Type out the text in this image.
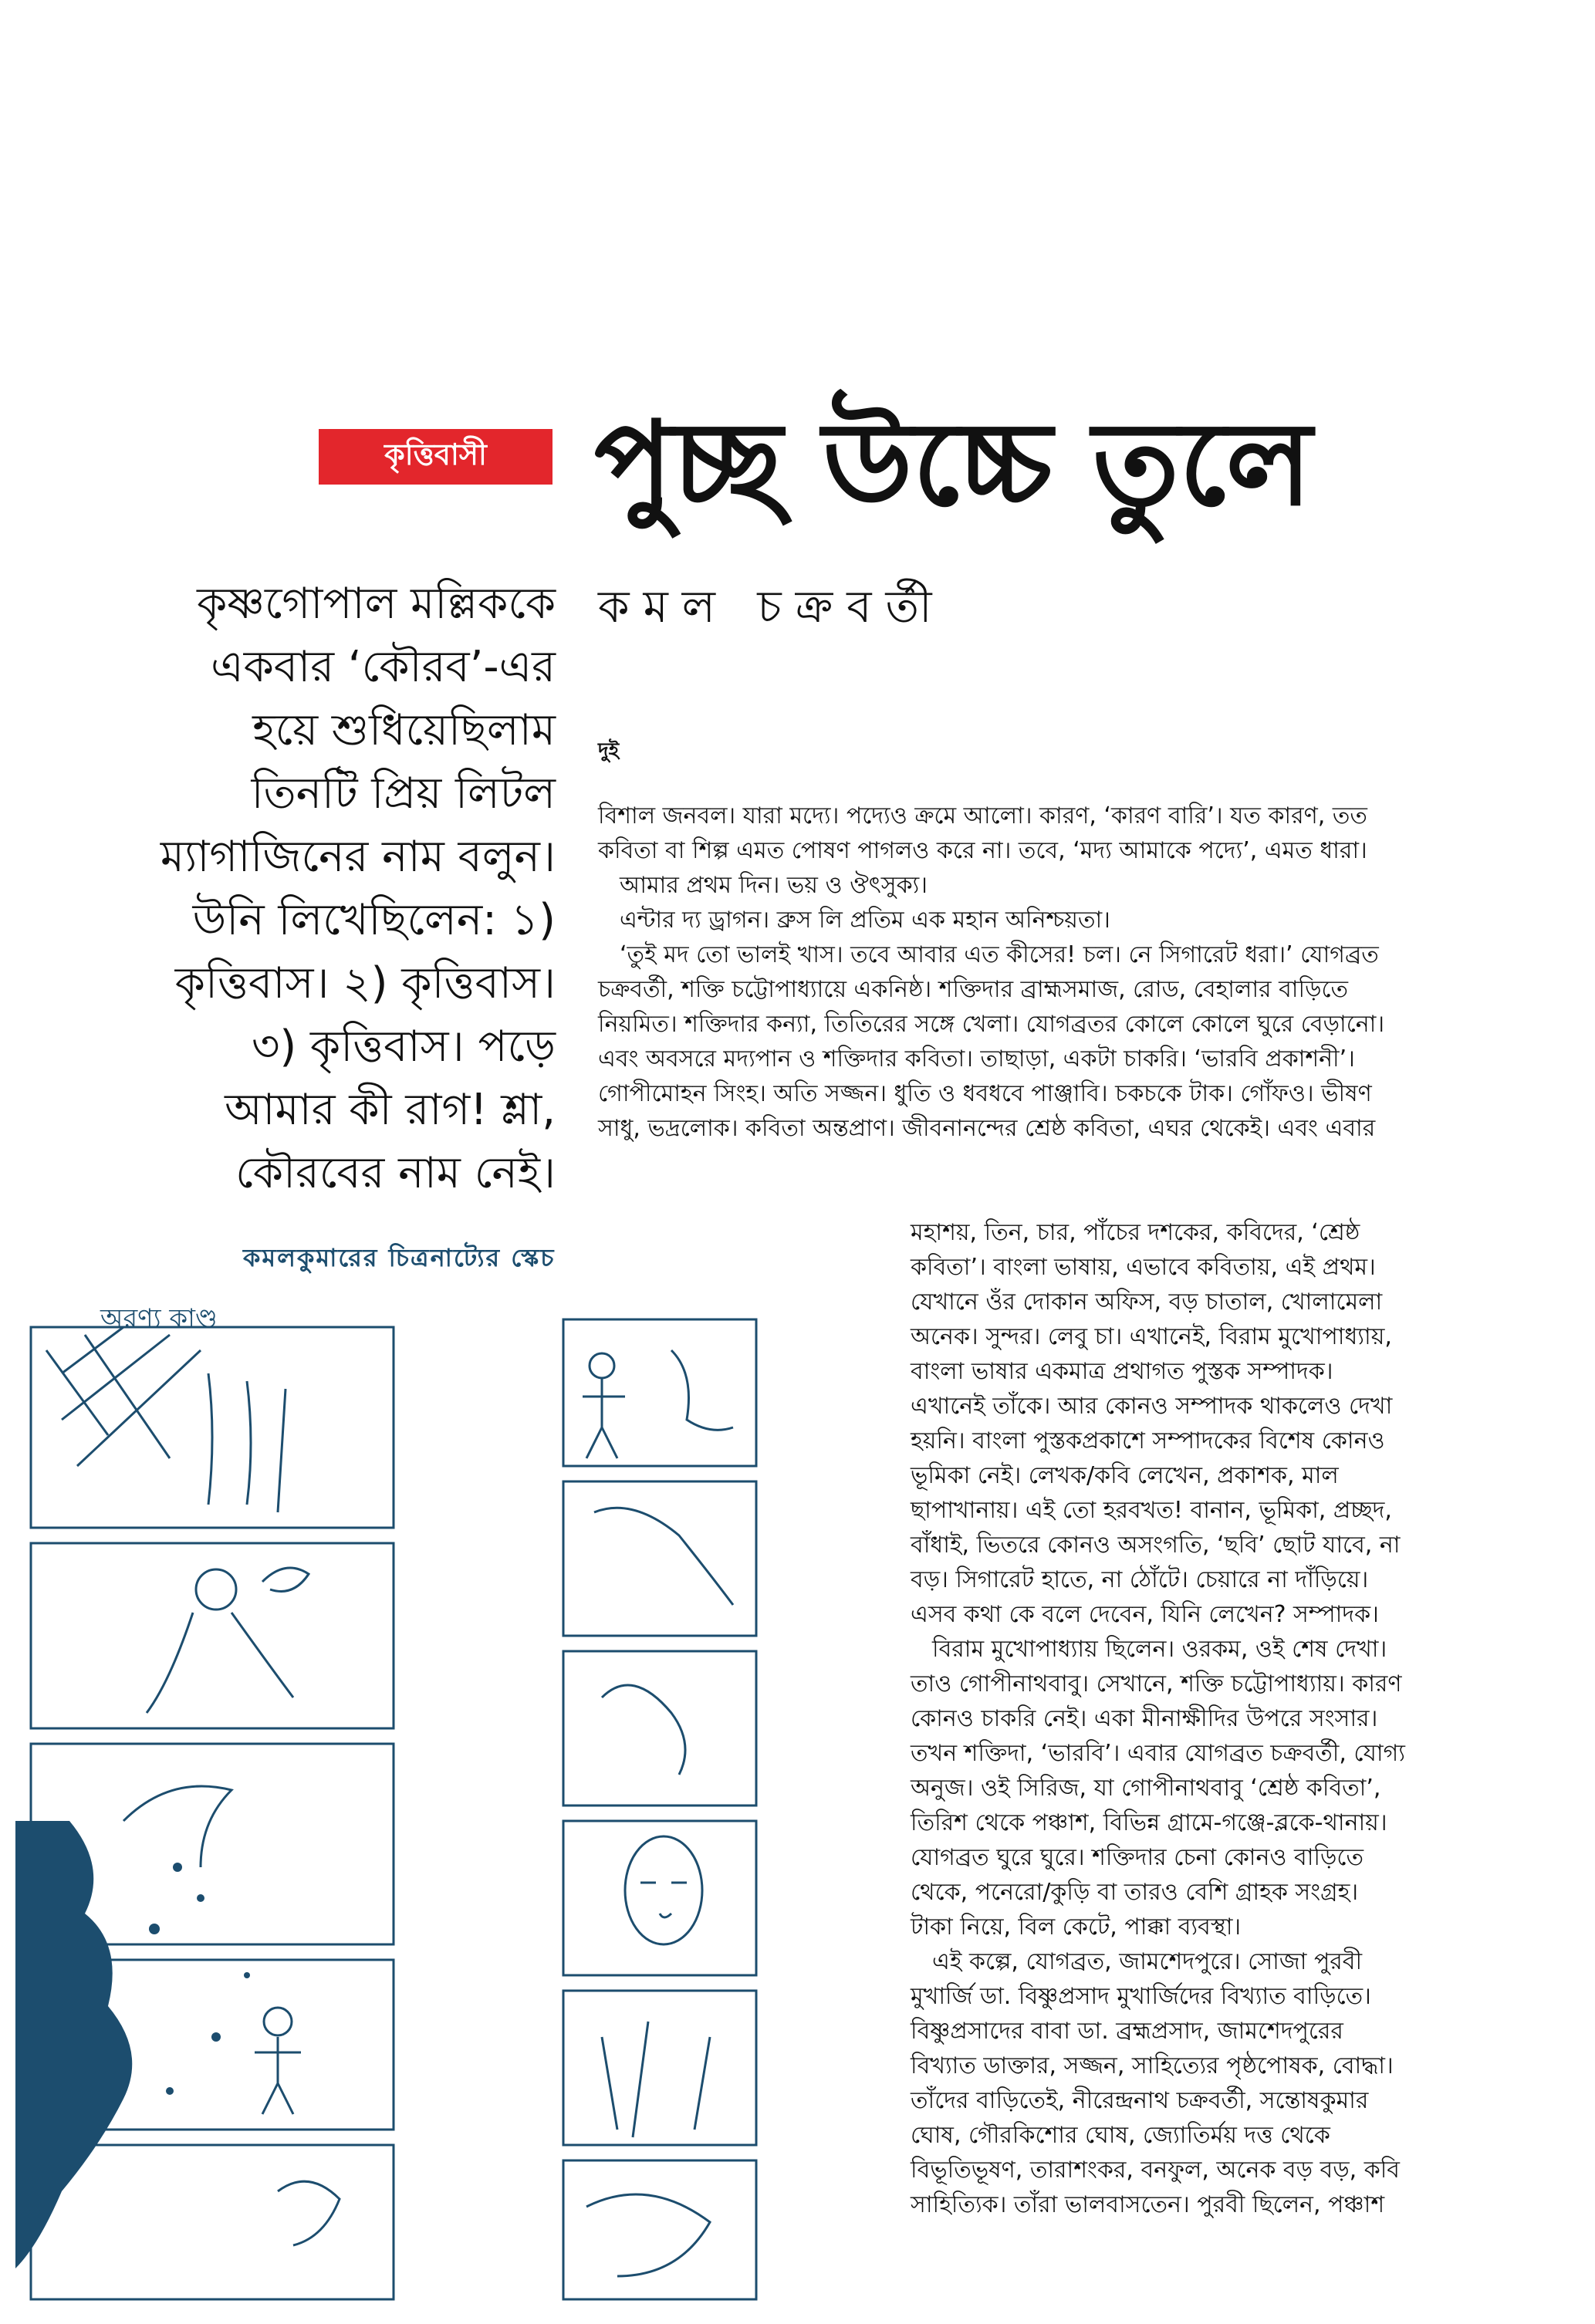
কৃত্তিবাসী পুচ্ছ উচ্চে তুলে
কমল চক্রবর্তী

কৃষ্ণগোপাল মল্লিককে

একবার ‘কৌরব’-এর

হয়ে শুধিয়েছিলাম

তিনটি প্রিয় লিটল

ম্যাগাজিনের নাম বলুন।

উনি লিখেছিলেন: ১)

কৃত্তিবাস। ২) কৃত্তিবাস।

৩) কৃত্তিবাস। পড়ে

আমার কী রাগ! শ্লা,

কৌরবের নাম নেই।

দুই

বিশাল জনবল। যারা মদ্যে। পদ্যেও ক্রমে আলো। কারণ, ‘কারণ বারি’। যত কারণ, তত

কবিতা বা শিল্প এমত পোষণ পাগলও করে না। তবে, ‘মদ্য আমাকে পদ্যে’, এমত ধারা।

আমার প্রথম দিন। ভয় ও ঔৎসুক্য।

এন্টার দ্য ড্রাগন। ব্রুস লি প্রতিম এক মহান অনিশ্চয়তা।

‘তুই মদ তো ভালই খাস। তবে আবার এত কীসের! চল। নে সিগারেট ধরা।’ যোগব্রত

চক্রবর্তী, শক্তি চট্টোপাধ্যায়ে একনিষ্ঠ। শক্তিদার ব্রাহ্মসমাজ, রোড, বেহালার বাড়িতে

নিয়মিত। শক্তিদার কন্যা, তিতিরের সঙ্গে খেলা। যোগব্রতর কোলে কোলে ঘুরে বেড়ানো।

এবং অবসরে মদ্যপান ও শক্তিদার কবিতা। তাছাড়া, একটা চাকরি। ‘ভারবি প্রকাশনী’।

গোপীমোহন সিংহ। অতি সজ্জন। ধুতি ও ধবধবে পাঞ্জাবি। চকচকে টাক। গোঁফও। ভীষণ

সাধু, ভদ্রলোক। কবিতা অন্তপ্রাণ। জীবনানন্দের শ্রেষ্ঠ কবিতা, এঘর থেকেই। এবং এবার

মহাশয়, তিন, চার, পাঁচের দশকের, কবিদের, ‘শ্রেষ্ঠ

কবিতা’। বাংলা ভাষায়, এভাবে কবিতায়, এই প্রথম।

যেখানে ওঁর দোকান অফিস, বড় চাতাল, খোলামেলা

অনেক। সুন্দর। লেবু চা। এখানেই, বিরাম মুখোপাধ্যায়,

বাংলা ভাষার একমাত্র প্রথাগত পুস্তক সম্পাদক।

এখানেই তাঁকে। আর কোনও সম্পাদক থাকলেও দেখা

হয়নি। বাংলা পুস্তকপ্রকাশে সম্পাদকের বিশেষ কোনও

ভূমিকা নেই। লেখক/কবি লেখেন, প্রকাশক, মাল

ছাপাখানায়। এই তো হরবখত! বানান, ভূমিকা, প্রচ্ছদ,

বাঁধাই, ভিতরে কোনও অসংগতি, ‘ছবি’ ছোট যাবে, না

বড়। সিগারেট হাতে, না ঠোঁটে। চেয়ারে না দাঁড়িয়ে।

এসব কথা কে বলে দেবেন, যিনি লেখেন? সম্পাদক।

বিরাম মুখোপাধ্যায় ছিলেন। ওরকম, ওই শেষ দেখা।

তাও গোপীনাথবাবু। সেখানে, শক্তি চট্টোপাধ্যায়। কারণ

কোনও চাকরি নেই। একা মীনাক্ষীদির উপরে সংসার।

তখন শক্তিদা, ‘ভারবি’। এবার যোগব্রত চক্রবর্তী, যোগ্য

অনুজ। ওই সিরিজ, যা গোপীনাথবাবু ‘শ্রেষ্ঠ কবিতা’,

তিরিশ থেকে পঞ্চাশ, বিভিন্ন গ্রামে-গঞ্জে-ব্লকে-থানায়।

যোগব্রত ঘুরে ঘুরে। শক্তিদার চেনা কোনও বাড়িতে

থেকে, পনেরো/কুড়ি বা তারও বেশি গ্রাহক সংগ্রহ।

টাকা নিয়ে, বিল কেটে, পাক্কা ব্যবস্থা।

এই কল্পে, যোগব্রত, জামশেদপুরে। সোজা পুরবী

মুখার্জি ডা. বিষ্ণুপ্রসাদ মুখার্জিদের বিখ্যাত বাড়িতে।

বিষ্ণুপ্রসাদের বাবা ডা. ব্রহ্মপ্রসাদ, জামশেদপুরের

বিখ্যাত ডাক্তার, সজ্জন, সাহিত্যের পৃষ্ঠপোষক, বোদ্ধা।

তাঁদের বাড়িতেই, নীরেন্দ্রনাথ চক্রবর্তী, সন্তোষকুমার

ঘোষ, গৌরকিশোর ঘোষ, জ্যোতির্ময় দত্ত থেকে

বিভূতিভূষণ, তারাশংকর, বনফুল, অনেক বড় বড়, কবি

সাহিত্যিক। তাঁরা ভালবাসতেন। পুরবী ছিলেন, পঞ্চাশ

কমলকুমারের চিত্রনাট্যের স্কেচ
অরণ্য কাণ্ড
